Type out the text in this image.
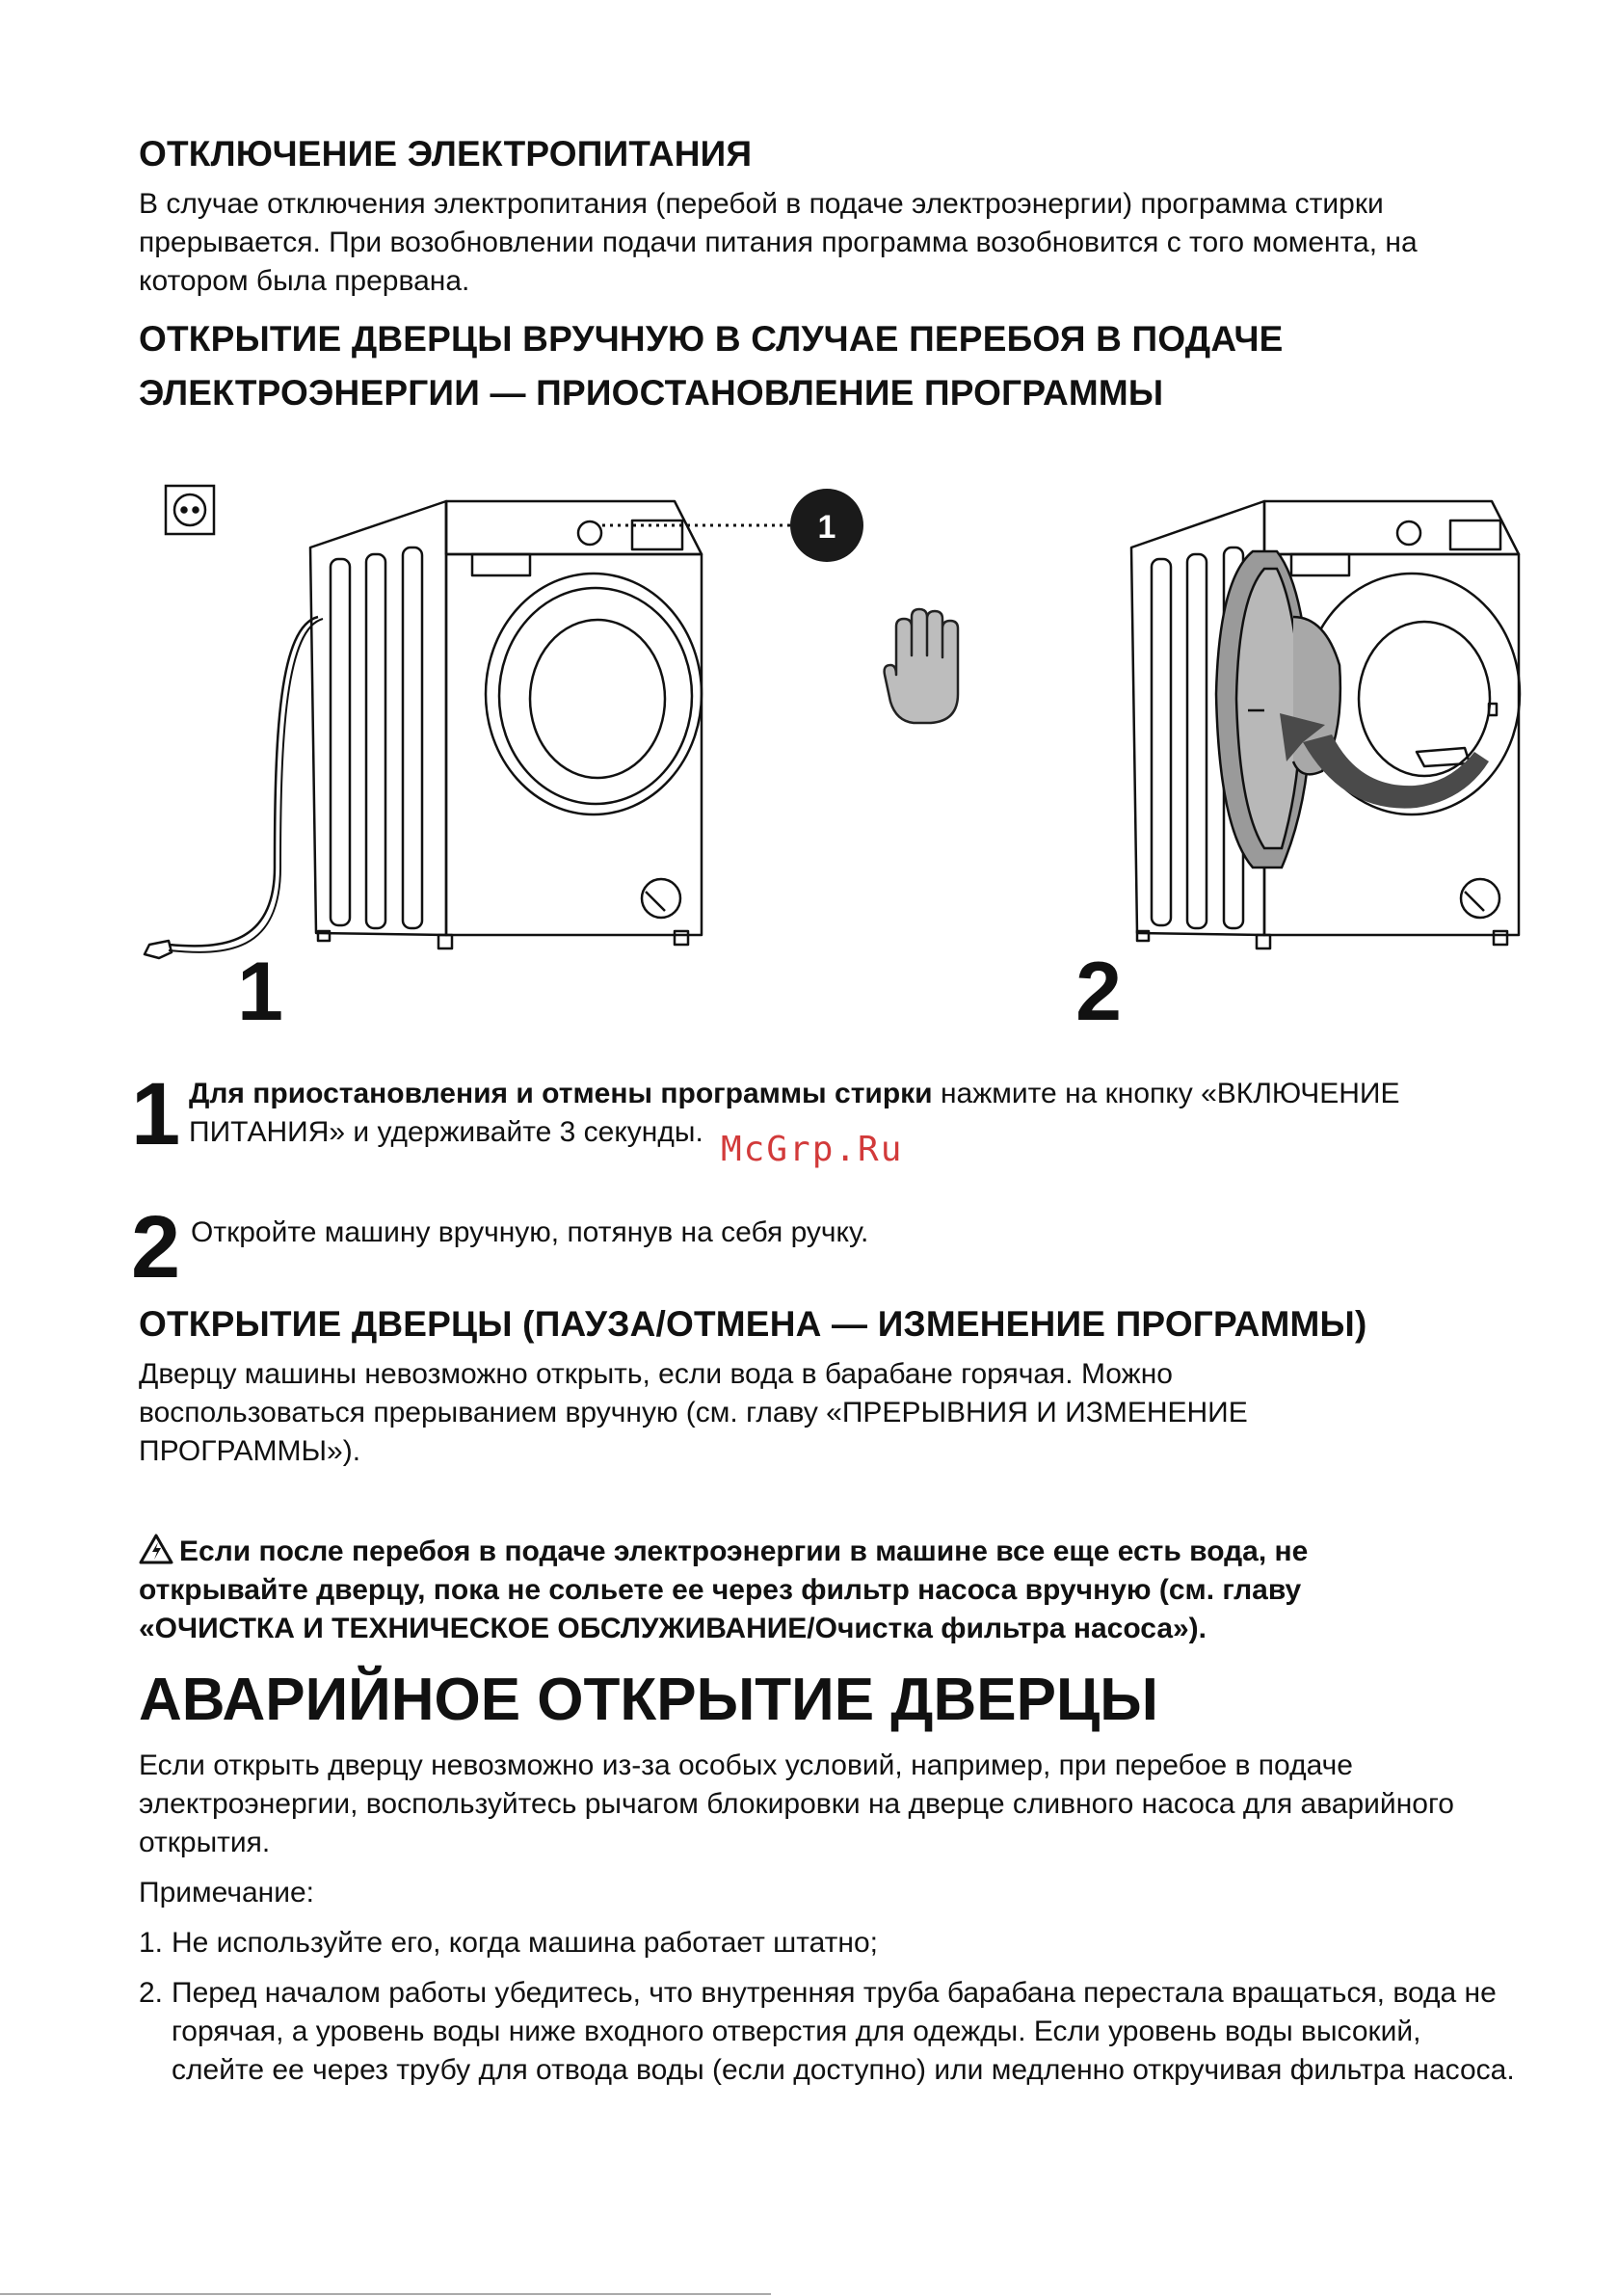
ОТКЛЮЧЕНИЕ ЭЛЕКТРОПИТАНИЯ

В случае отключения электропитания (перебой в подаче электроэнергии) программа стирки прерывается. При возобновлении подачи питания программа возобновится с того момента, на котором была прервана.

ОТКРЫТИЕ ДВЕРЦЫ ВРУЧНУЮ В СЛУЧАЕ ПЕРЕБОЯ В ПОДАЧЕ
ЭЛЕКТРОЭНЕРГИИ — ПРИОСТАНОВЛЕНИЕ ПРОГРАММЫ
1
1	2
1 Для приостановления и отмены программы стирки нажмите на кнопку «ВКЛЮЧЕНИЕ
ПИТАНИЯ» и удерживайте 3 секунды. McGrp.Ru
2 Откройте машину вручную, потянув на себя ручку.
ОТКРЫТИЕ ДВЕРЦЫ (ПАУЗА/ОТМЕНА — ИЗМЕНЕНИЕ ПРОГРАММЫ)

Дверцу машины невозможно открыть, если вода в барабане горячая. Можно воспользоваться прерыванием вручную (см. главу «ПРЕРЫВНИЯ И ИЗМЕНЕНИЕ ПРОГРАММЫ»).

Если после перебоя в подаче электроэнергии в машине все еще есть вода, не открывайте дверцу, пока не сольете ее через фильтр насоса вручную (см. главу «ОЧИСТКА И ТЕХНИЧЕСКОЕ ОБСЛУЖИВАНИЕ/Очистка фильтра насоса»).

АВАРИЙНОЕ ОТКРЫТИЕ ДВЕРЦЫ

Если открыть дверцу невозможно из-за особых условий, например, при перебое в подаче электроэнергии, воспользуйтесь рычагом блокировки на дверце сливного насоса для аварийного открытия.

Примечание:

1. Не используйте его, когда машина работает штатно;
2. Перед началом работы убедитесь, что внутренняя труба барабана перестала вращаться, вода не горячая, а уровень воды ниже входного отверстия для одежды. Если уровень воды высокий, слейте ее через трубу для отвода воды (если доступно) или медленно откручивая фильтра насоса.
